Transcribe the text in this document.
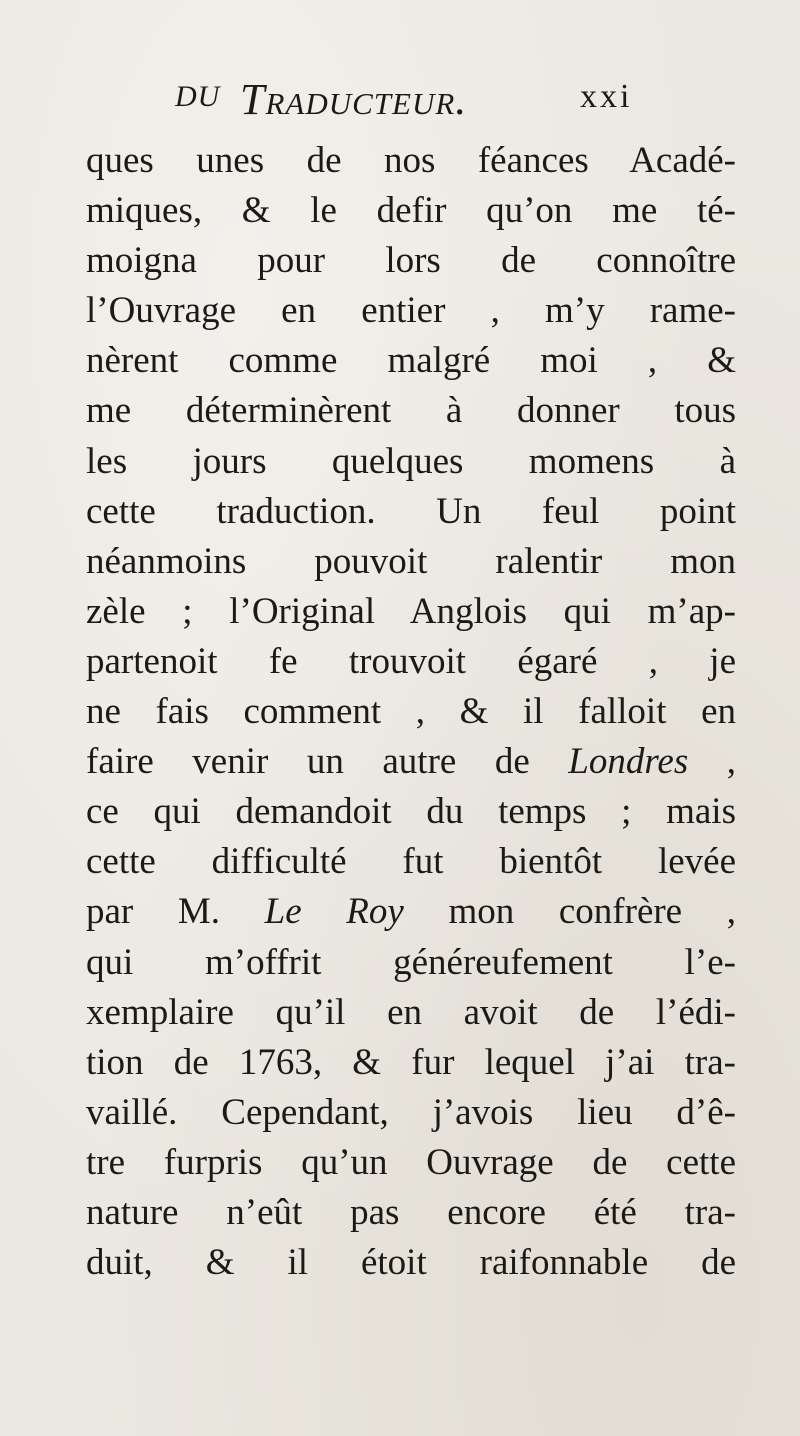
DU Traducteur.	xxi
ques unes de nos féances Acadé-
miques, & le defir qu’on me té-
moigna pour lors de connoître
l’Ouvrage en entier , m’y rame-
nèrent comme malgré moi , &
me déterminèrent à donner tous
les jours quelques momens à
cette traduction. Un feul point
néanmoins pouvoit ralentir mon
zèle ; l’Original Anglois qui m’ap-
partenoit fe trouvoit égaré , je
ne fais comment , & il falloit en
faire venir un autre de Londres ,
ce qui demandoit du temps ; mais
cette difficulté fut bientôt levée
par M. Le Roy mon confrère ,
qui m’offrit généreufement l’e-
xemplaire qu’il en avoit de l’édi-
tion de 1763, & fur lequel j’ai tra-
vaillé. Cependant, j’avois lieu d’ê-
tre furpris qu’un Ouvrage de cette
nature n’eût pas encore été tra-
duit, & il étoit raifonnable de
